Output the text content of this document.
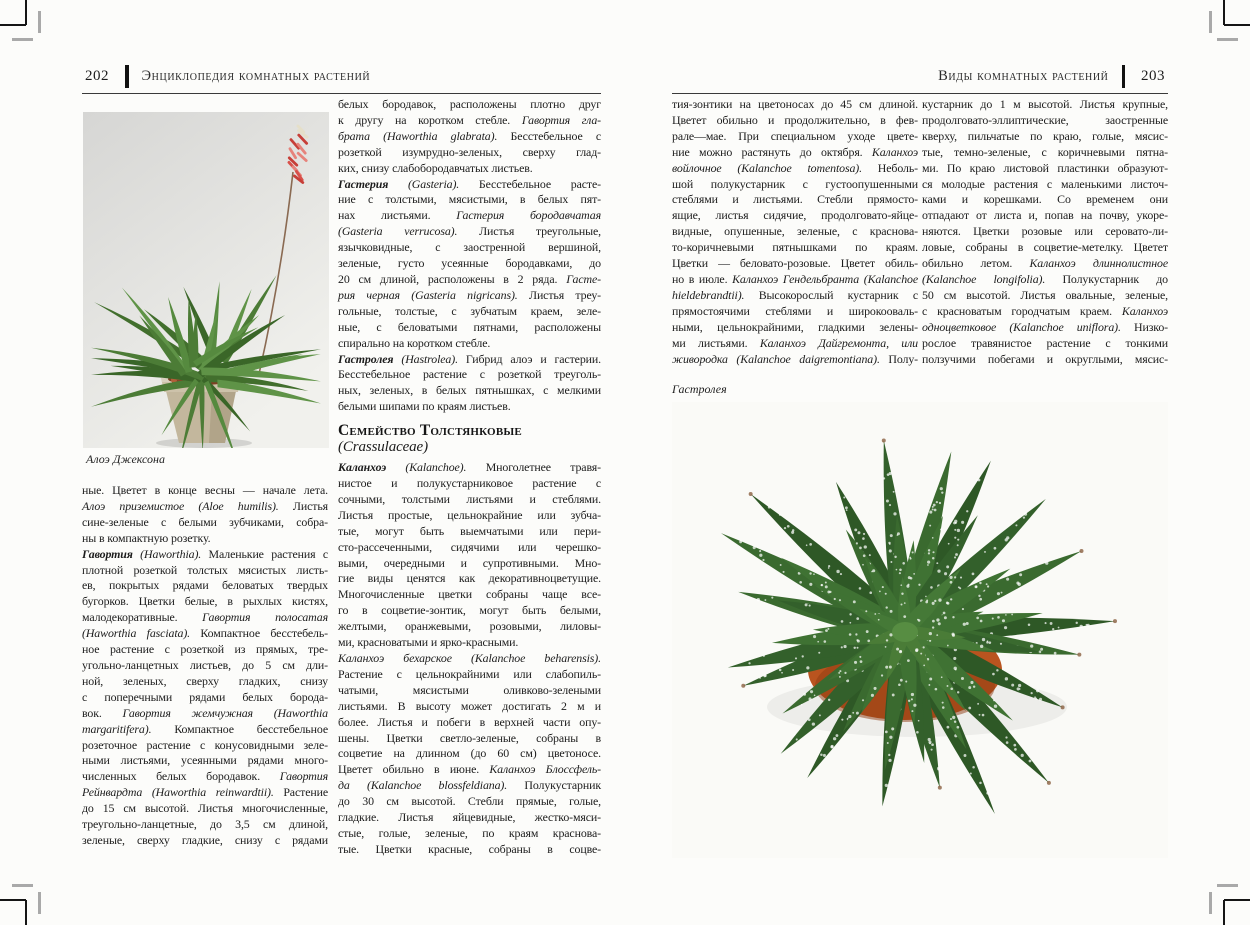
202 Энциклопедия комнатных растений
Алоэ Джексона
ные. Цветет в конце весны — начале лета.
Алоэ приземистое (Aloe humilis). Листья
сине-зеленые с белыми зубчиками, собра-
ны в компактную розетку.
Гавортия (Haworthia). Маленькие растения с
плотной розеткой толстых мясистых листь-
ев, покрытых рядами беловатых твердых
бугорков. Цветки белые, в рыхлых кистях,
малодекоративные. Гавортия полосатая
(Haworthia fasciata). Компактное бесстебель-
ное растение с розеткой из прямых, тре-
угольно-ланцетных листьев, до 5 см дли-
ной, зеленых, сверху гладких, снизу
с поперечными рядами белых борода-
вок. Гавортия жемчужная (Haworthia
margaritifera). Компактное бесстебельное
розеточное растение с конусовидными зеле-
ными листьями, усеянными рядами много-
численных белых бородавок. Гавортия
Рейнвардта (Haworthia reinwardtii). Растение
до 15 см высотой. Листья многочисленные,
треугольно-ланцетные, до 3,5 см длиной,
зеленые, сверху гладкие, снизу с рядами
белых бородавок, расположены плотно друг
к другу на коротком стебле. Гавортия гла-
брата (Haworthia glabrata). Бесстебельное с
розеткой изумрудно-зеленых, сверху глад-
ких, снизу слабобородавчатых листьев.
Гастерия (Gasteria). Бесстебельное расте-
ние с толстыми, мясистыми, в белых пят-
нах листьями. Гастерия бородавчатая
(Gasteria verrucosa). Листья треугольные,
язычковидные, с заостренной вершиной,
зеленые, густо усеянные бородавками, до
20 см длиной, расположены в 2 ряда. Гасте-
рия черная (Gasteria nigricans). Листья треу-
гольные, толстые, с зубчатым краем, зеле-
ные, с беловатыми пятнами, расположены
спирально на коротком стебле.
Гастролея (Hastrolea). Гибрид алоэ и гастерии.
Бесстебельное растение с розеткой треуголь-
ных, зеленых, в белых пятнышках, с мелкими
белыми шипами по краям листьев.
Семейство Толстянковые
(Crassulaceae)
Каланхоэ (Kalanchoe). Многолетнее травя-
нистое и полукустарниковое растение с
сочными, толстыми листьями и стеблями.
Листья простые, цельнокрайние или зубча-
тые, могут быть выемчатыми или пери-
сто-рассеченными, сидячими или черешко-
выми, очередными и супротивными. Мно-
гие виды ценятся как декоративноцветущие.
Многочисленные цветки собраны чаще все-
го в соцветие-зонтик, могут быть белыми,
желтыми, оранжевыми, розовыми, лиловы-
ми, красноватыми и ярко-красными.
Каланхоэ бехарское (Kalanchoe beharensis).
Растение с цельнокрайними или слабопиль-
чатыми, мясистыми оливково-зелеными
листьями. В высоту может достигать 2 м и
более. Листья и побеги в верхней части опу-
шены. Цветки светло-зеленые, собраны в
соцветие на длинном (до 60 см) цветоносе.
Цветет обильно в июне. Каланхоэ Блоссфель-
да (Kalanchoe blossfeldiana). Полукустарник
до 30 см высотой. Стебли прямые, голые,
гладкие. Листья яйцевидные, жестко-мяси-
стые, голые, зеленые, по краям краснова-
тые. Цветки красные, собраны в соцве-
Виды комнатных растений 203
тия-зонтики на цветоносах до 45 см длиной.
Цветет обильно и продолжительно, в фев-
рале—мае. При специальном уходе цвете-
ние можно растянуть до октября. Каланхоэ
войлочное (Kalanchoe tomentosa). Неболь-
шой полукустарник с густоопушенными
стеблями и листьями. Стебли прямосто-
ящие, листья сидячие, продолговато-яйце-
видные, опушенные, зеленые, с краснова-
то-коричневыми пятнышками по краям.
Цветки — беловато-розовые. Цветет обиль-
но в июле. Каланхоэ Гендельбранта (Kalanchoe
hieldebrandtii). Высокорослый кустарник с
прямостоячими стеблями и широкооваль-
ными, цельнокрайними, гладкими зелены-
ми листьями. Каланхоэ Дайгремонта, или
живородка (Kalanchoe daigremontiana). Полу-
Гастролея
кустарник до 1 м высотой. Листья крупные,
продолговато-эллиптические, заостренные
кверху, пильчатые по краю, голые, мясис-
тые, темно-зеленые, с коричневыми пятна-
ми. По краю листовой пластинки образуют-
ся молодые растения с маленькими листоч-
ками и корешками. Со временем они
отпадают от листа и, попав на почву, укоре-
няются. Цветки розовые или серовато-ли-
ловые, собраны в соцветие-метелку. Цветет
обильно летом. Каланхоэ длиннолистное
(Kalanchoe longifolia). Полукустарник до
50 см высотой. Листья овальные, зеленые,
с красноватым городчатым краем. Каланхоэ
одноцветковое (Kalanchoe uniflora). Низко-
рослое травянистое растение с тонкими
ползучими побегами и округлыми, мясис-
